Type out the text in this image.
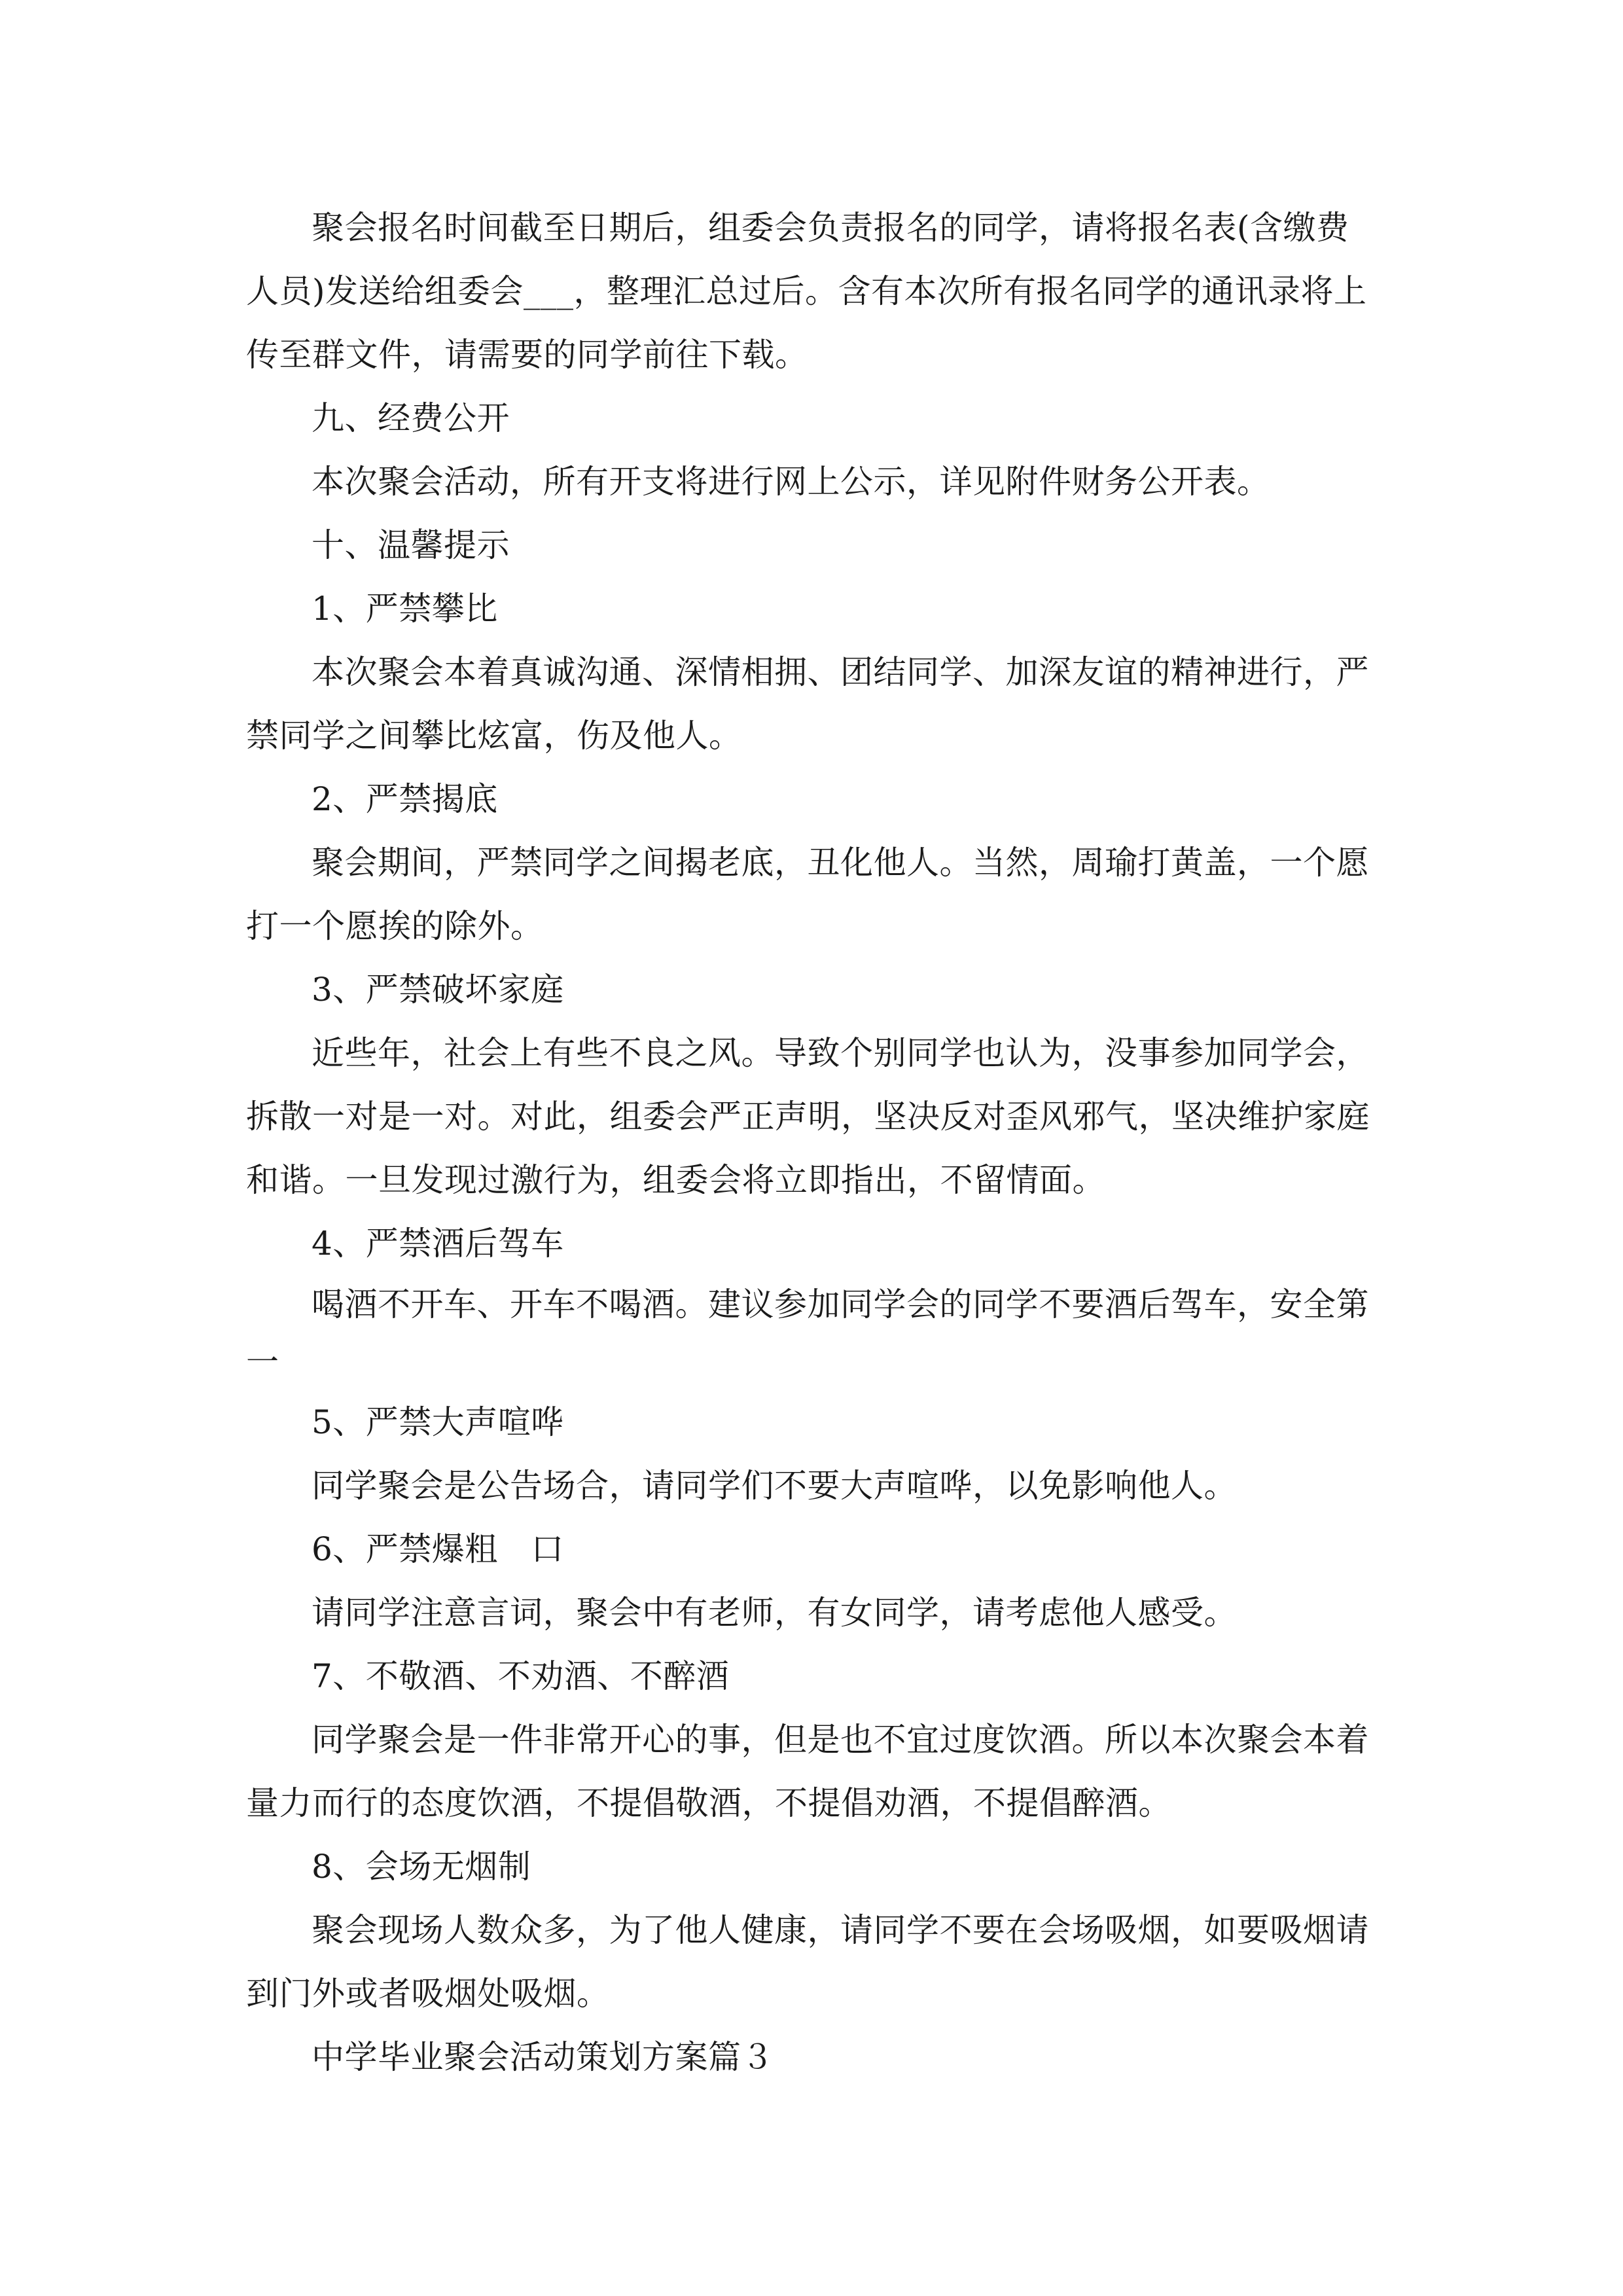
聚会报名时间截至日期后，组委会负责报名的同学，请将报名表(含缴费人员)发送给组委会___，整理汇总过后。含有本次所有报名同学的通讯录将上传至群文件，请需要的同学前往下载。

九、经费公开

本次聚会活动，所有开支将进行网上公示，详见附件财务公开表。

十、温馨提示

1、严禁攀比

本次聚会本着真诚沟通、深情相拥、团结同学、加深友谊的精神进行，严禁同学之间攀比炫富，伤及他人。

2、严禁揭底

聚会期间，严禁同学之间揭老底，丑化他人。当然，周瑜打黄盖，一个愿打一个愿挨的除外。

3、严禁破坏家庭

近些年，社会上有些不良之风。导致个别同学也认为，没事参加同学会，拆散一对是一对。对此，组委会严正声明，坚决反对歪风邪气，坚决维护家庭和谐。一旦发现过激行为，组委会将立即指出，不留情面。

4、严禁酒后驾车

喝酒不开车、开车不喝酒。建议参加同学会的同学不要酒后驾车，安全第一

5、严禁大声喧哗

同学聚会是公告场合，请同学们不要大声喧哗，以免影响他人。

6、严禁爆粗　口

请同学注意言词，聚会中有老师，有女同学，请考虑他人感受。

7、不敬酒、不劝酒、不醉酒

同学聚会是一件非常开心的事，但是也不宜过度饮酒。所以本次聚会本着量力而行的态度饮酒，不提倡敬酒，不提倡劝酒，不提倡醉酒。

8、会场无烟制

聚会现场人数众多，为了他人健康，请同学不要在会场吸烟，如要吸烟请到门外或者吸烟处吸烟。

中学毕业聚会活动策划方案篇３
